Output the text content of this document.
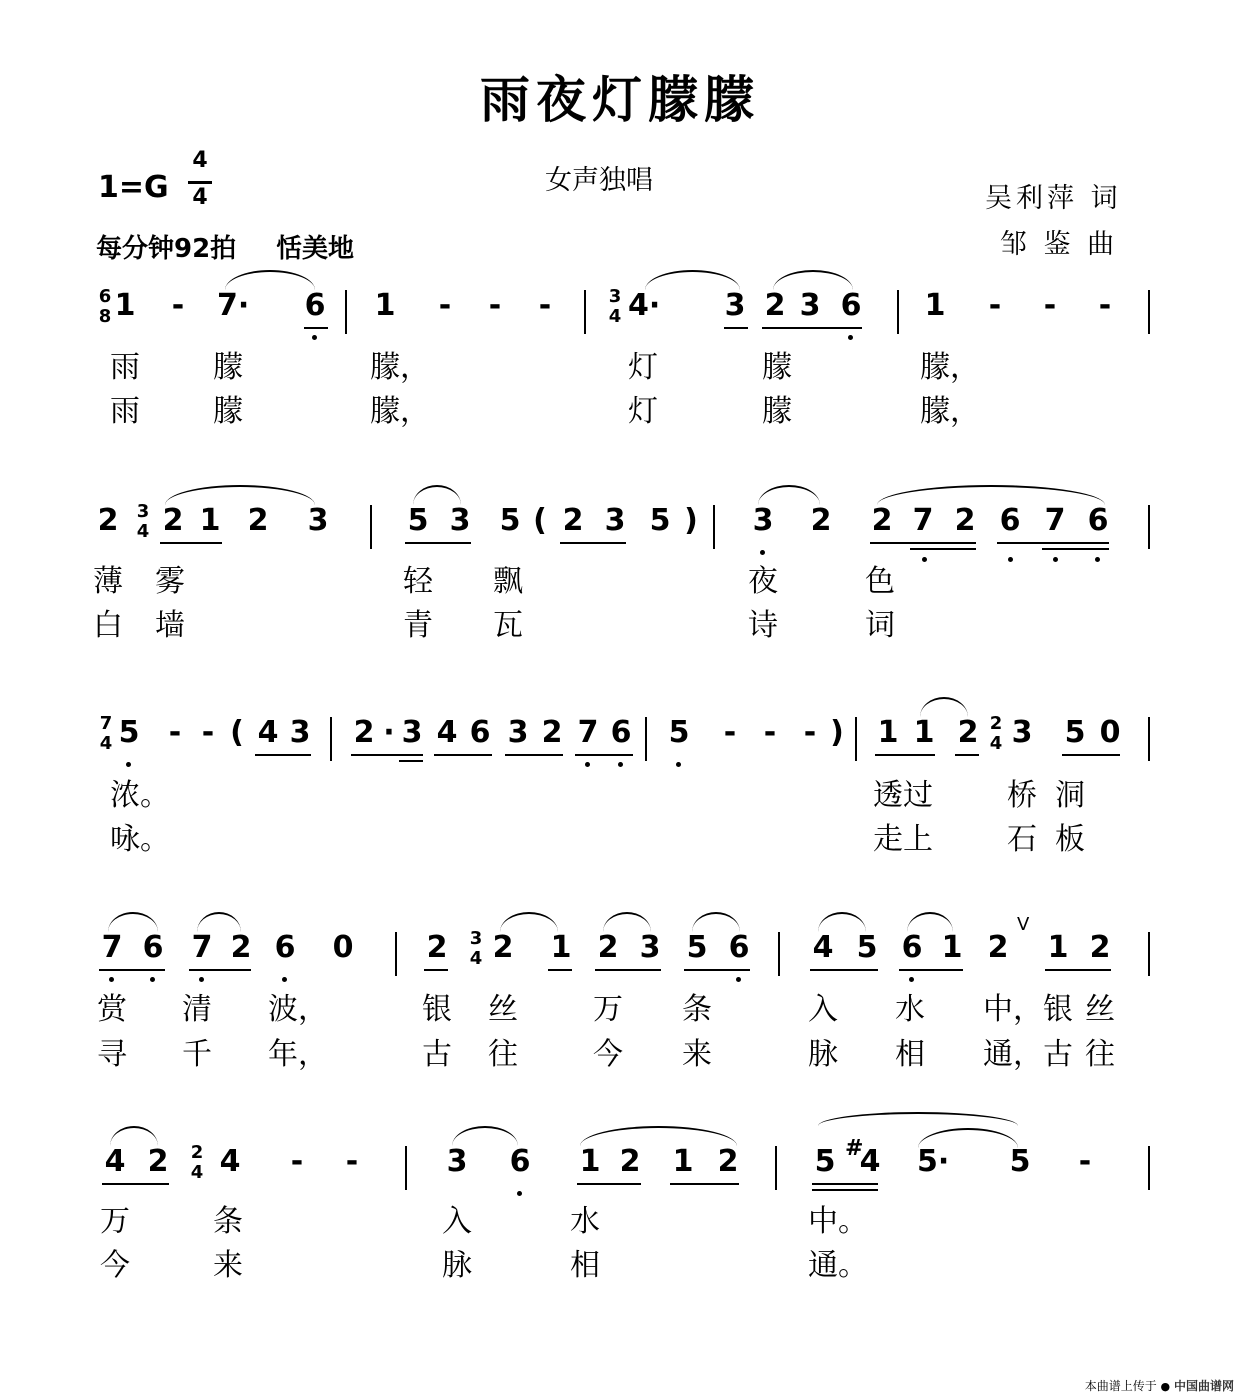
雨夜灯朦朦
女声独唱
1=G
4
4
每分钟92拍 恬美地
吴利萍 词
邹 鉴 曲
6
8 1 - 7· 6 1 - - -	3
4 4· 3 2 3 6 1 - - -
雨 朦	朦，	灯	朦	朦，
雨 朦	朦，	灯	朦	朦，
2 3
4 2 1 2 3	5 3 5 ( 2 3 5 ) 3 2 2 7 2 6 7 6
薄 雾	轻 飘	夜	色
白 墙	青 瓦	诗	词
7
4 5 - - ( 4 3 2 · 3 4 6 3 2 7 6 5 - - - ) 1 1 2 2
4 3 5 0
浓。	透过 桥 洞
咏。	走上 石 板
7 6 7 2 6 0 2 3
4 2 1 2 3 5 6 4 5 6 1 2
V
1 2
赏 清 波，	银 丝	万 条	入 水 中，银 丝
寻 千 年，	古 往	今 来	脉 相 通，古 往
4 2 2
4 4 - -	3 6 1 2 1 2	5 #
4 5· 5 -
万	条	入	水	中。
今	来	脉	相	通。
本曲谱上传于 ● 中国曲谱网
